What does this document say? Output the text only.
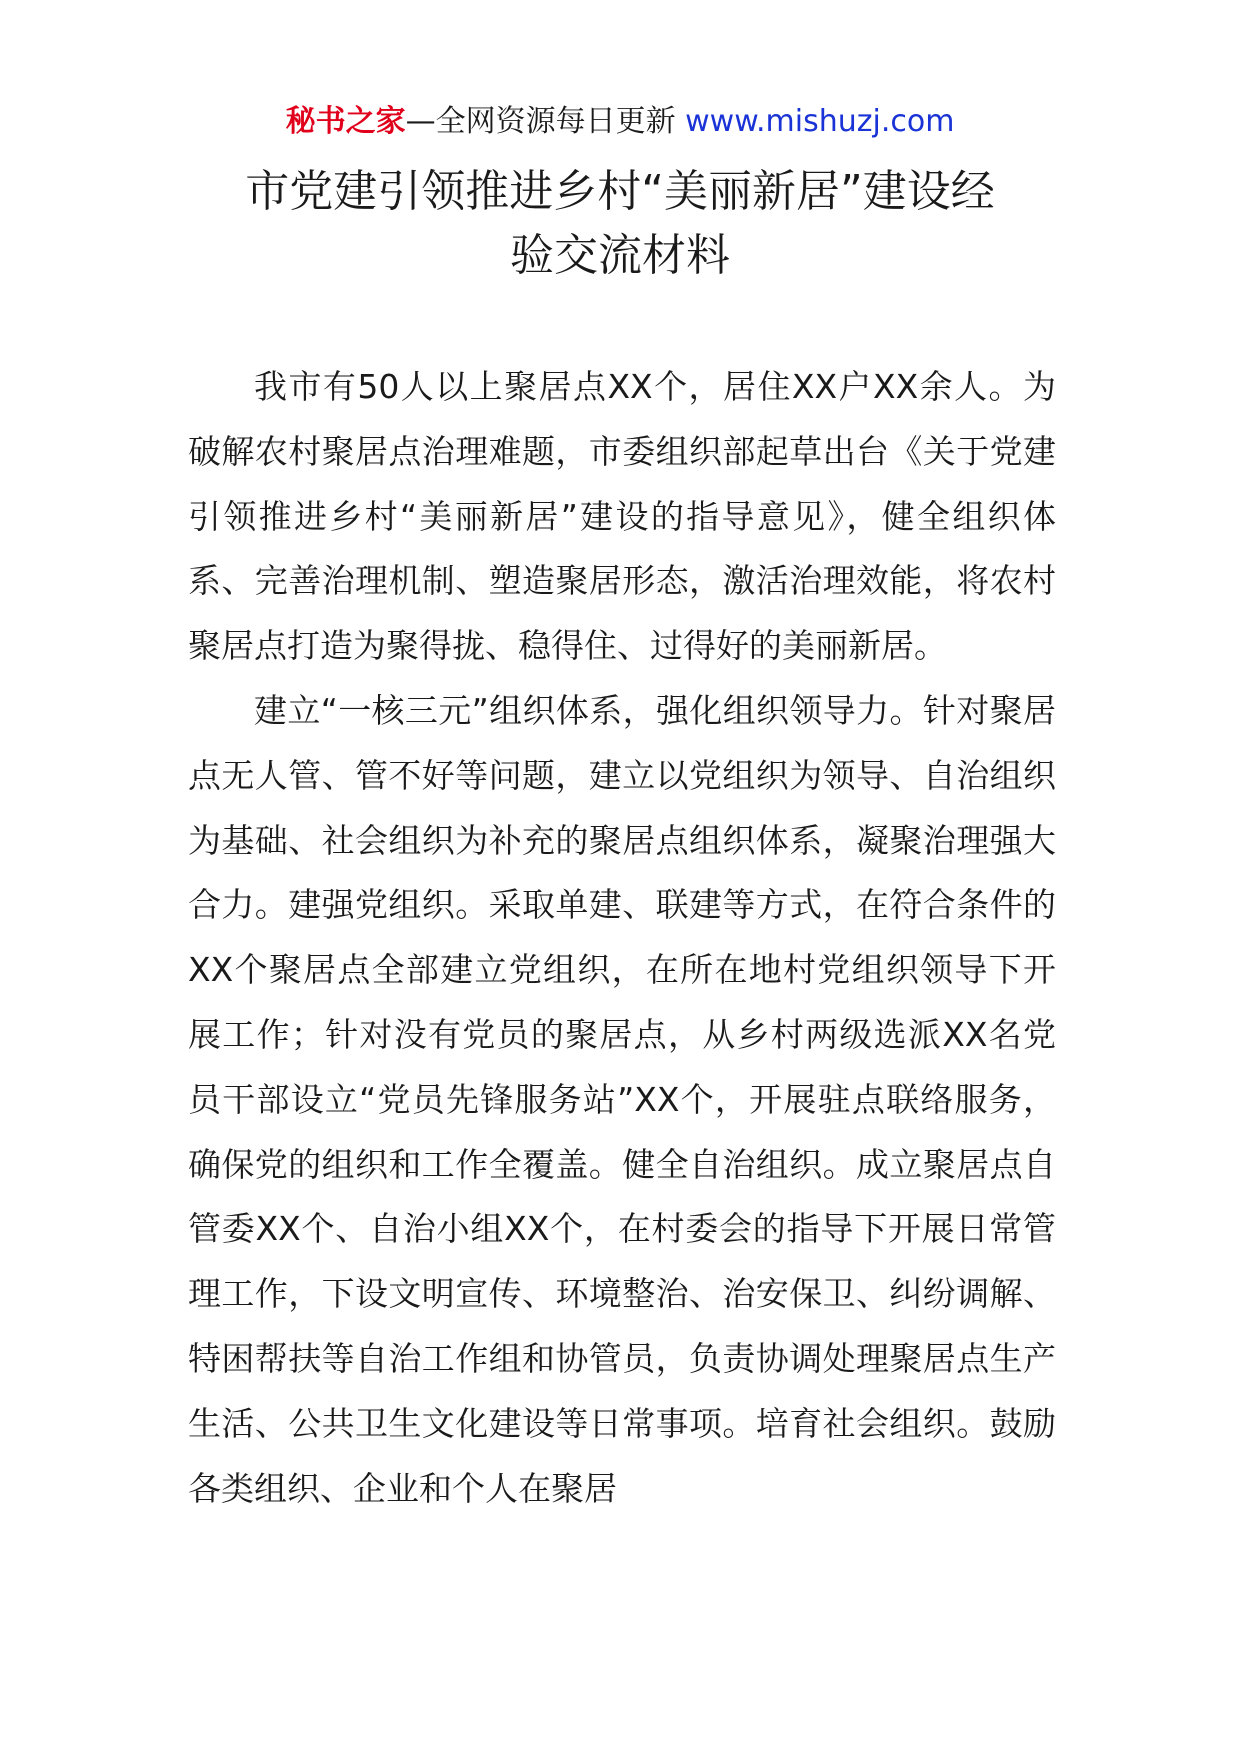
秘书之家—全网资源每日更新 www.mishuzj.com
市党建引领推进乡村“美丽新居”建设经
验交流材料

我市有50人以上聚居点XX个，居住XX户XX余人。为破解农村聚居点治理难题，市委组织部起草出台《关于党建引领推进乡村“美丽新居”建设的指导意见》，健全组织体系、完善治理机制、塑造聚居形态，激活治理效能，将农村聚居点打造为聚得拢、稳得住、过得好的美丽新居。

建立“一核三元”组织体系，强化组织领导力。针对聚居点无人管、管不好等问题，建立以党组织为领导、自治组织为基础、社会组织为补充的聚居点组织体系，凝聚治理强大合力。建强党组织。采取单建、联建等方式，在符合条件的XX个聚居点全部建立党组织，在所在地村党组织领导下开展工作；针对没有党员的聚居点，从乡村两级选派XX名党员干部设立“党员先锋服务站”XX个，开展驻点联络服务，确保党的组织和工作全覆盖。健全自治组织。成立聚居点自管委XX个、自治小组XX个，在村委会的指导下开展日常管理工作，下设文明宣传、环境整治、治安保卫、纠纷调解、特困帮扶等自治工作组和协管员，负责协调处理聚居点生产生活、公共卫生文化建设等日常事项。培育社会组织。鼓励各类组织、企业和个人在聚居
